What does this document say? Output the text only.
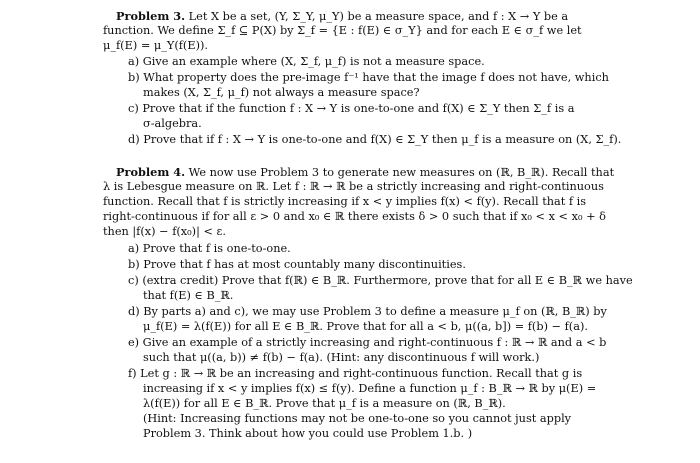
Problem 3. Let X be a set, (Y, Σ_Y, μ_Y) be a measure space, and f : X → Y be a
function. We define Σ_f ⊆ P(X) by Σ_f = {E : f(E) ∈ σ_Y} and for each E ∈ σ_f we let
μ_f(E) = μ_Y(f(E)).
a) Give an example where (X, Σ_f, μ_f) is not a measure space.
b) What property does the pre-image f⁻¹ have that the image f does not have, which
makes (X, Σ_f, μ_f) not always a measure space?
c) Prove that if the function f : X → Y is one-to-one and f(X) ∈ Σ_Y then Σ_f is a
σ-algebra.
d) Prove that if f : X → Y is one-to-one and f(X) ∈ Σ_Y then μ_f is a measure on (X, Σ_f).
Problem 4. We now use Problem 3 to generate new measures on (ℝ, B_ℝ). Recall that
λ is Lebesgue measure on ℝ. Let f : ℝ → ℝ be a strictly increasing and right-continuous
function. Recall that f is strictly increasing if x < y implies f(x) < f(y). Recall that f is
right-continuous if for all ε > 0 and x₀ ∈ ℝ there exists δ > 0 such that if x₀ < x < x₀ + δ
then |f(x) − f(x₀)| < ε.
a) Prove that f is one-to-one.
b) Prove that f has at most countably many discontinuities.
c) (extra credit) Prove that f(ℝ) ∈ B_ℝ. Furthermore, prove that for all E ∈ B_ℝ we have
that f(E) ∈ B_ℝ.
d) By parts a) and c), we may use Problem 3 to define a measure μ_f on (ℝ, B_ℝ) by
μ_f(E) = λ(f(E)) for all E ∈ B_ℝ. Prove that for all a < b, μ((a, b]) = f(b) − f(a).
e) Give an example of a strictly increasing and right-continuous f : ℝ → ℝ and a < b
such that μ((a, b)) ≠ f(b) − f(a). (Hint: any discontinuous f will work.)
f) Let g : ℝ → ℝ be an increasing and right-continuous function. Recall that g is
increasing if x < y implies f(x) ≤ f(y). Define a function μ_f : B_ℝ → ℝ by μ(E) =
λ(f(E)) for all E ∈ B_ℝ. Prove that μ_f is a measure on (ℝ, B_ℝ).
(Hint: Increasing functions may not be one-to-one so you cannot just apply
Problem 3. Think about how you could use Problem 1.b. )
